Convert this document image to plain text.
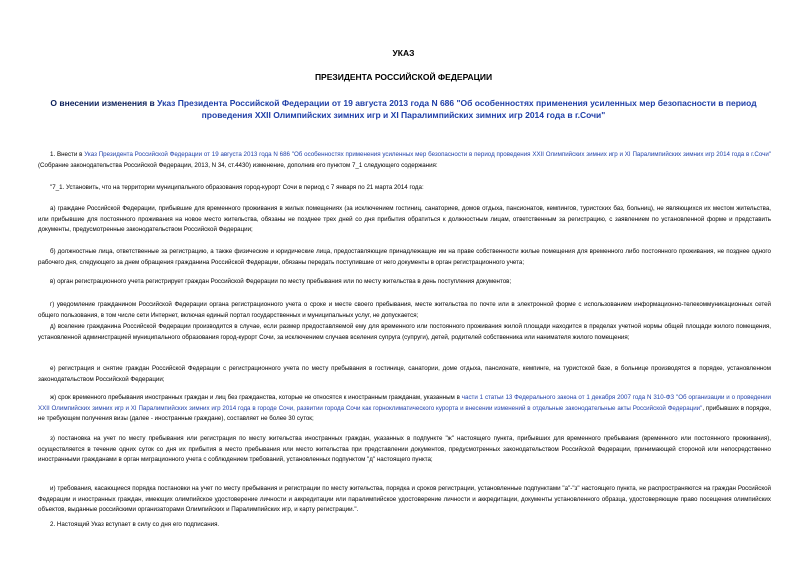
УКАЗ
ПРЕЗИДЕНТА РОССИЙСКОЙ ФЕДЕРАЦИИ
О внесении изменения в Указ Президента Российской Федерации от 19 августа 2013 года N 686 "Об особенностях применения усиленных мер безопасности в период проведения XXII Олимпийских зимних игр и XI Паралимпийских зимних игр 2014 года в г.Сочи"

1. Внести в Указ Президента Российской Федерации от 19 августа 2013 года N 686 "Об особенностях применения усиленных мер безопасности в период проведения XXII Олимпийских зимних игр и XI Паралимпийских зимних игр 2014 года в г.Сочи" (Собрание законодательства Российской Федерации, 2013, N 34, ст.4430) изменение, дополнив его пунктом 7_1 следующего содержания:

"7_1. Установить, что на территории муниципального образования город-курорт Сочи в период с 7 января по 21 марта 2014 года:

а) граждане Российской Федерации, прибывшие для временного проживания в жилых помещениях (за исключением гостиниц, санаториев, домов отдыха, пансионатов, кемпингов, туристских баз, больниц), не являющихся их местом жительства, или прибывшие для постоянного проживания на новое место жительства, обязаны не позднее трех дней со дня прибытия обратиться к должностным лицам, ответственным за регистрацию, с заявлением по установленной форме и представить документы, предусмотренные законодательством Российской Федерации;

б) должностные лица, ответственные за регистрацию, а также физические и юридические лица, предоставляющие принадлежащие им на праве собственности жилые помещения для временного либо постоянного проживания, не позднее одного рабочего дня, следующего за днем обращения гражданина Российской Федерации, обязаны передать поступившие от него документы в орган регистрационного учета;

в) орган регистрационного учета регистрирует граждан Российской Федерации по месту пребывания или по месту жительства в день поступления документов;

г) уведомление гражданином Российской Федерации органа регистрационного учета о сроке и месте своего пребывания, месте жительства по почте или в электронной форме с использованием информационно-телекоммуникационных сетей общего пользования, в том числе сети Интернет, включая единый портал государственных и муниципальных услуг, не допускается;

д) вселение гражданина Российской Федерации производится в случае, если размер предоставляемой ему для временного или постоянного проживания жилой площади находится в пределах учетной нормы общей площади жилого помещения, установленной администрацией муниципального образования город-курорт Сочи, за исключением случаев вселения супруга (супруги), детей, родителей собственника или нанимателя жилого помещения;

е) регистрация и снятие граждан Российской Федерации с регистрационного учета по месту пребывания в гостинице, санатории, доме отдыха, пансионате, кемпинге, на туристской базе, в больнице производятся в порядке, установленном законодательством Российской Федерации;

ж) срок временного пребывания иностранных граждан и лиц без гражданства, которые не относятся к иностранным гражданам, указанным в части 1 статьи 13 Федерального закона от 1 декабря 2007 года N 310-ФЗ "Об организации и о проведении XXII Олимпийских зимних игр и XI Паралимпийских зимних игр 2014 года в городе Сочи, развитии города Сочи как горноклиматического курорта и внесении изменений в отдельные законодательные акты Российской Федерации", прибывших в порядке, не требующем получения визы (далее - иностранные граждане), составляет не более 30 суток;

з) постановка на учет по месту пребывания или регистрация по месту жительства иностранных граждан, указанных в подпункте "ж" настоящего пункта, прибывших для временного пребывания (временного или постоянного проживания), осуществляется в течение одних суток со дня их прибытия в место пребывания или место жительства при представлении документов, предусмотренных законодательством Российской Федерации, принимающей стороной или непосредственно иностранными гражданами в орган миграционного учета с соблюдением требований, установленных подпунктом "д" настоящего пункта;

и) требования, касающиеся порядка постановки на учет по месту пребывания и регистрации по месту жительства, порядка и сроков регистрации, установленные подпунктами "а"-"з" настоящего пункта, не распространяются на граждан Российской Федерации и иностранных граждан, имеющих олимпийское удостоверение личности и аккредитации или паралимпийское удостоверение личности и аккредитации, документы установленного образца, удостоверяющие право посещения олимпийских объектов, выданные российскими организаторами Олимпийских и Паралимпийских игр, и карту регистрации.".

2. Настоящий Указ вступает в силу со дня его подписания.
